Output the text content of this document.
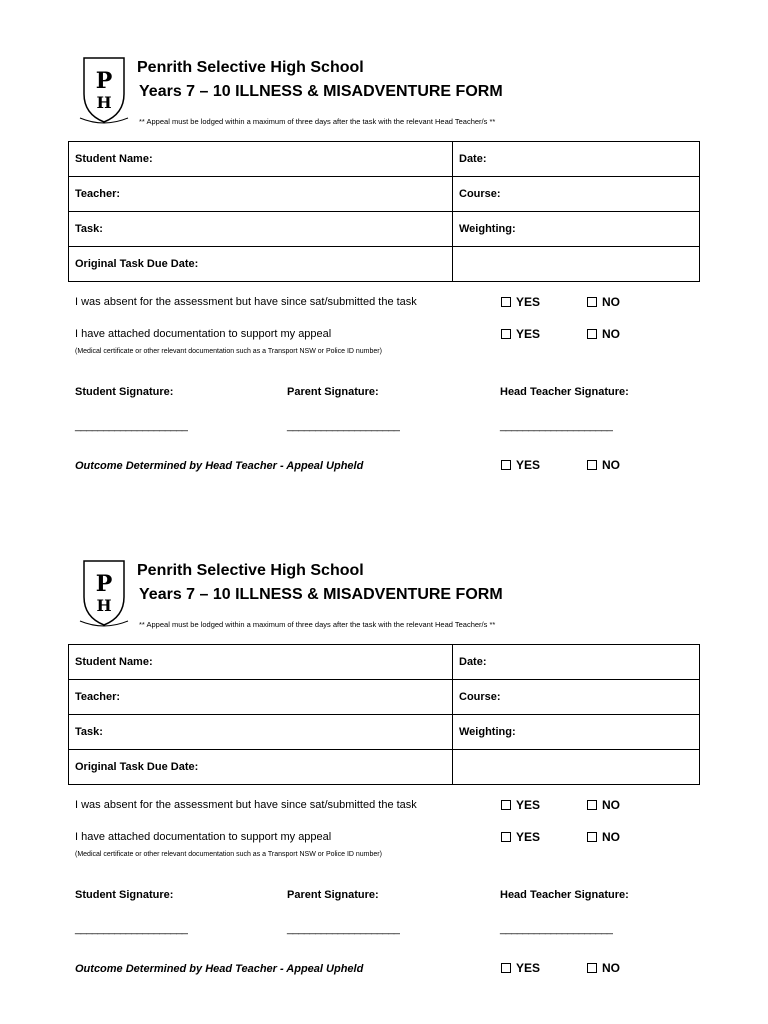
P
H
Penrith Selective High School
Years 7 – 10 ILLNESS & MISADVENTURE FORM
** Appeal must be lodged within a maximum of three days after the task with the relevant Head Teacher/s **
Student Name:	Date:
Teacher:	Course:
Task:	Weighting:
Original Task Due Date:	
I was absent for the assessment but have since sat/submitted the task	YES	NO
I have attached documentation to support my appeal
(Medical certificate or other relevant documentation such as a Transport NSW or Police ID number)
YES	NO
Student Signature:	Parent Signature:	Head Teacher Signature:
____________________	____________________	____________________
Outcome Determined by Head Teacher - Appeal Upheld	YES	NO
P
H
Penrith Selective High School
Years 7 – 10 ILLNESS & MISADVENTURE FORM
** Appeal must be lodged within a maximum of three days after the task with the relevant Head Teacher/s **
Student Name:	Date:
Teacher:	Course:
Task:	Weighting:
Original Task Due Date:	
I was absent for the assessment but have since sat/submitted the task	YES	NO
I have attached documentation to support my appeal
(Medical certificate or other relevant documentation such as a Transport NSW or Police ID number)
YES	NO
Student Signature:	Parent Signature:	Head Teacher Signature:
____________________	____________________	____________________
Outcome Determined by Head Teacher - Appeal Upheld	YES	NO
